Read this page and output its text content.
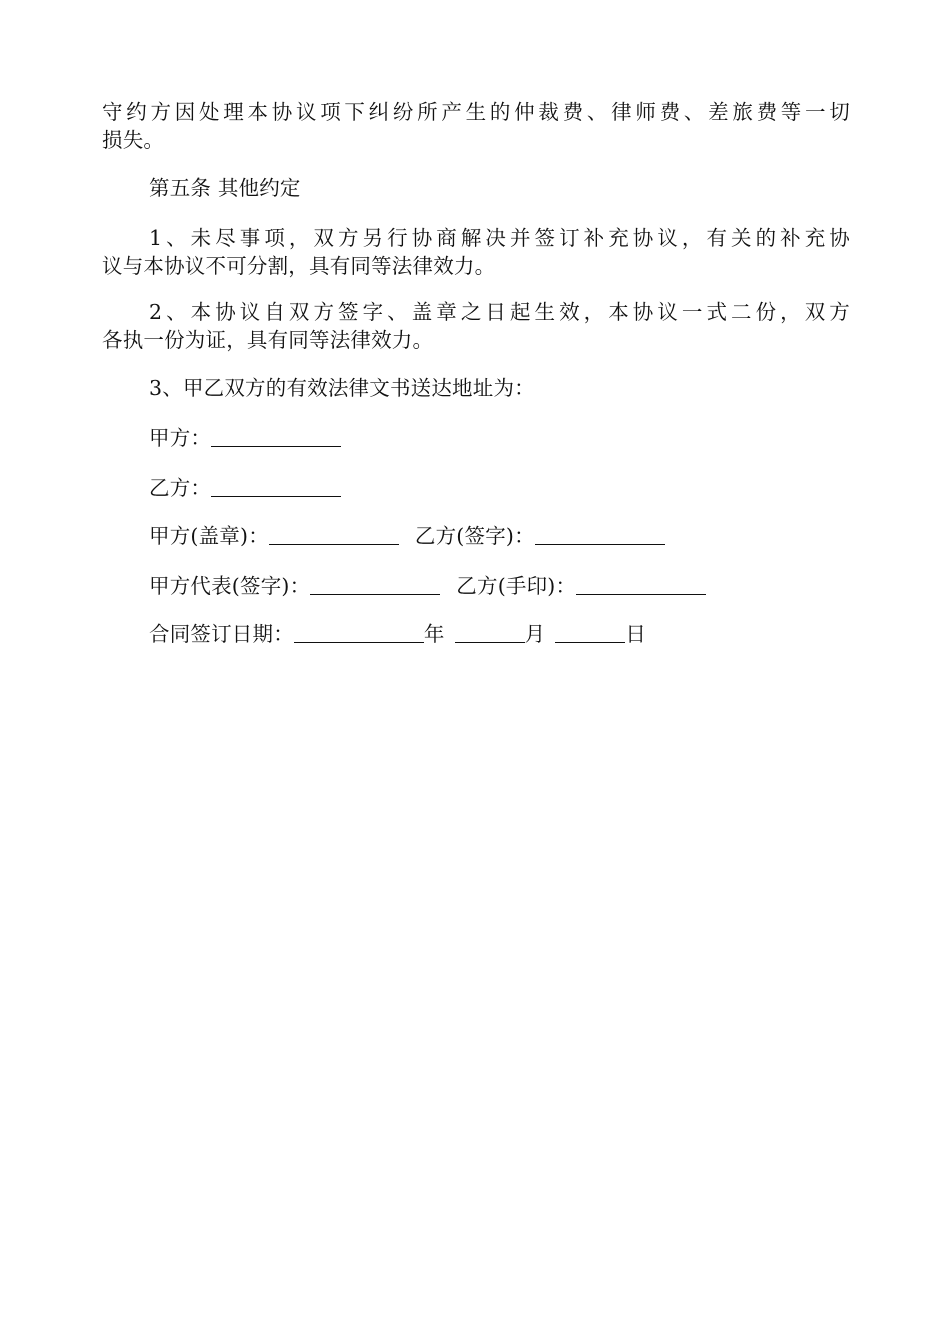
守约方因处理本协议项下纠纷所产生的仲裁费、律师费、差旅费等一切
损失。
第五条 其他约定
1、未尽事项，双方另行协商解决并签订补充协议，有关的补充协
议与本协议不可分割，具有同等法律效力。
2、本协议自双方签字、盖章之日起生效，本协议一式二份，双方
各执一份为证，具有同等法律效力。
3、甲乙双方的有效法律文书送达地址为：
甲方：
乙方：
甲方(盖章)：	乙方(签字)：
甲方代表(签字)：	乙方(手印)：
合同签订日期：	年	月	日
